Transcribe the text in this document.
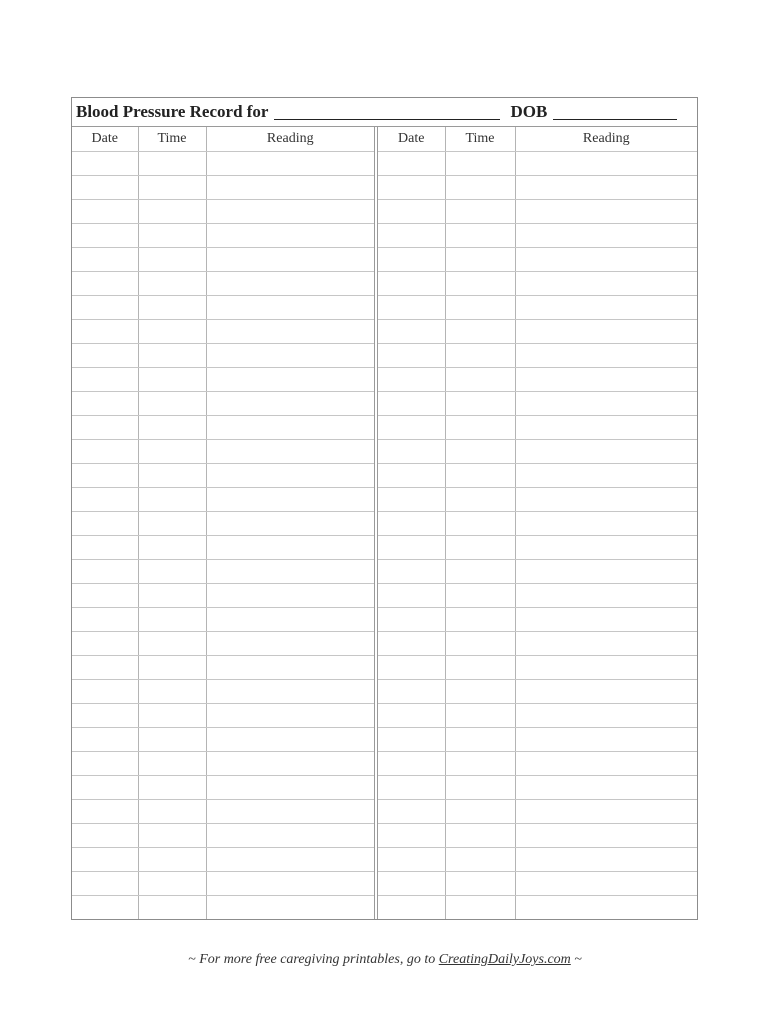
Blood Pressure Record for	DOB
Date	Time	Reading	Date	Time	Reading

~ For more free caregiving printables, go to CreatingDailyJoys.com ~
